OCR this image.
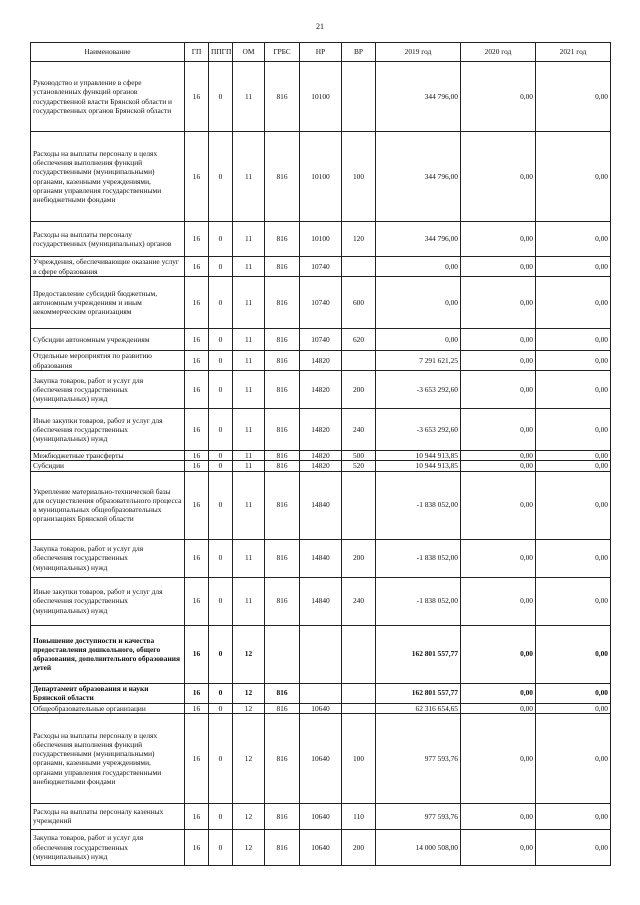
21
Наименование	ГП	ППГП	ОМ	ГРБС	НР	ВР	2019 год	2020 год	2021 год
Руководство и управление в сфере установленных функций органов государственной власти Брянской области и государственных органов Брянской области	16	0	11	816	10100		344 796,00	0,00	0,00
Расходы на выплаты персоналу в целях обеспечения выполнения функций государственными (муниципальными) органами, казенными учреждениями, органами управления государственными внебюджетными фондами	16	0	11	816	10100	100	344 796,00	0,00	0,00
Расходы на выплаты персоналу государственных (муниципальных) органов	16	0	11	816	10100	120	344 796,00	0,00	0,00
Учреждения, обеспечивающие оказание услуг в сфере образования	16	0	11	816	10740		0,00	0,00	0,00
Предоставление субсидий бюджетным, автономным учреждениям и иным некоммерческим организациям	16	0	11	816	10740	600	0,00	0,00	0,00
Субсидии автономным учреждениям	16	0	11	816	10740	620	0,00	0,00	0,00
Отдельные мероприятия по развитию образования	16	0	11	816	14820		7 291 621,25	0,00	0,00
Закупка товаров, работ и услуг для обеспечения государственных (муниципальных) нужд	16	0	11	816	14820	200	-3 653 292,60	0,00	0,00
Иные закупки товаров, работ и услуг для обеспечения государственных (муниципальных) нужд	16	0	11	816	14820	240	-3 653 292,60	0,00	0,00
Межбюджетные трансферты	16	0	11	816	14820	500	10 944 913,85	0,00	0,00
Субсидии	16	0	11	816	14820	520	10 944 913,85	0,00	0,00
Укрепление материально-технической базы для осуществления образовательного процесса в муниципальных общеобразовательных организациях Брянской области	16	0	11	816	14840		-1 838 052,00	0,00	0,00
Закупка товаров, работ и услуг для обеспечения государственных (муниципальных) нужд	16	0	11	816	14840	200	-1 838 052,00	0,00	0,00
Иные закупки товаров, работ и услуг для обеспечения государственных (муниципальных) нужд	16	0	11	816	14840	240	-1 838 052,00	0,00	0,00
Повышение доступности и качества предоставления дошкольного, общего образования, дополнительного образования детей	16	0	12				162 801 557,77	0,00	0,00
Департамент образования и науки Брянской области	16	0	12	816			162 801 557,77	0,00	0,00
Общеобразовательные организации	16	0	12	816	10640		62 316 654,65	0,00	0,00
Расходы на выплаты персоналу в целях обеспечения выполнения функций государственными (муниципальными) органами, казенными учреждениями, органами управления государственными внебюджетными фондами	16	0	12	816	10640	100	977 593,76	0,00	0,00
Расходы на выплаты персоналу казенных учреждений	16	0	12	816	10640	110	977 593,76	0,00	0,00
Закупка товаров, работ и услуг для обеспечения государственных (муниципальных) нужд	16	0	12	816	10640	200	14 000 508,00	0,00	0,00
